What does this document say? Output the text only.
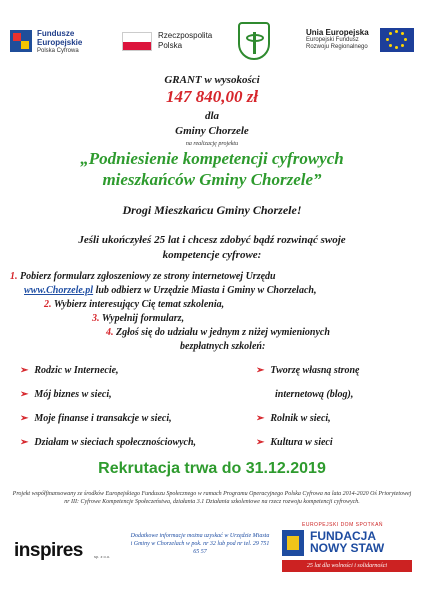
Fundusze Europejskie
Polska Cyfrowa
Rzeczpospolita Polska
Unia Europejska
Europejski Fundusz Rozwoju Regionalnego
GRANT w wysokości
147 840,00 zł
dla
Gminy Chorzele
na realizację projektu
„Podniesienie kompetencji cyfrowych
mieszkańców Gminy Chorzele”
Drogi Mieszkańcu Gminy Chorzele!
Jeśli ukończyłeś 25 lat i chcesz zdobyć bądź rozwinąć swoje
kompetencje cyfrowe:
1. Pobierz formularz zgłoszeniowy ze strony internetowej Urzędu
www.Chorzele.pl lub odbierz w Urzędzie Miasta i Gminy w Chorzelach,
2. Wybierz interesujący Cię temat szkolenia,
3. Wypełnij formularz,
4. Zgłoś się do udziału w jednym z niżej wymienionych
bezpłatnych szkoleń:
➢ Rodzic w Internecie,
➢ Mój biznes w sieci,
➢ Moje finanse i transakcje w sieci,
➢ Działam w sieciach społecznościowych,
➢ Tworzę własną stronę
internetową (blog),
➢ Rolnik w sieci,
➢ Kultura w sieci
Rekrutacja trwa do 31.12.2019
Projekt współfinansowany ze środków Europejskiego Funduszu Społecznego w ramach Programu Operacyjnego Polska Cyfrowa na lata 2014-2020 Oś Priorytetowej nr III: Cyfrowe Kompetencje Społeczeństwa, działania 3.1 Działania szkoleniowe na rzecz rozwoju kompetencji cyfrowych.
inspires	sp. z o.o.
Dodatkowe informacje można uzyskać w Urzędzie Miasta i Gminy w Chorzelach w pok. nr 32 lub pod nr tel. 29 751 65 57
EUROPEJSKI DOM SPOTKAŃ
FUNDACJA
NOWY STAW
25 lat dla wolności i solidarności
